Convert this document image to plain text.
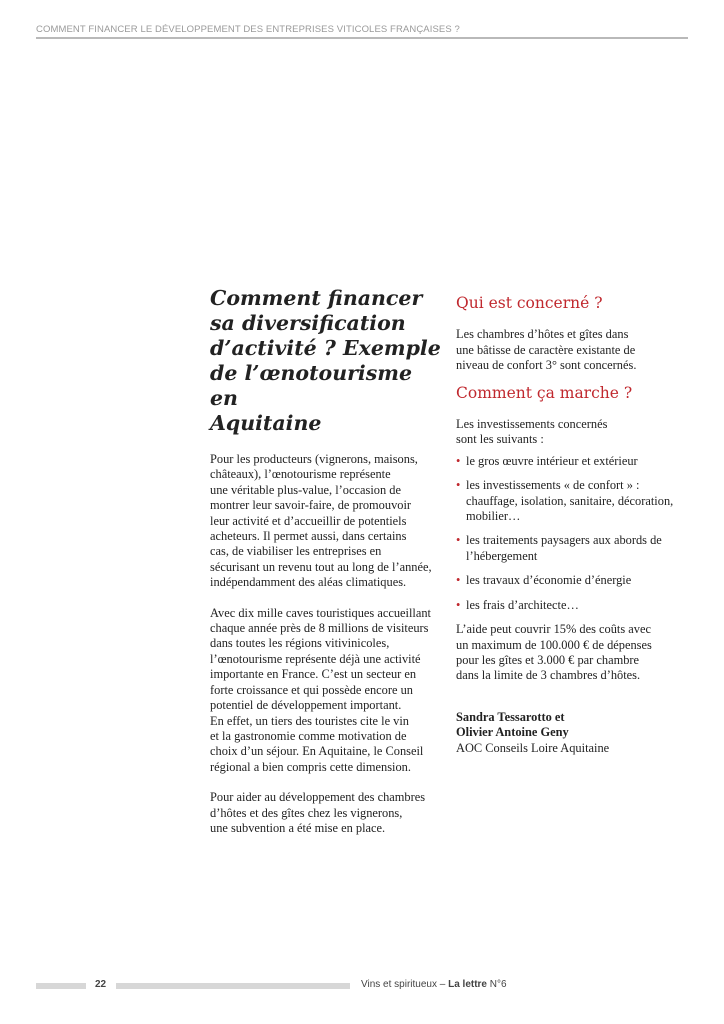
COMMENT FINANCER LE DÉVELOPPEMENT DES ENTREPRISES VITICOLES FRANÇAISES ?
Comment financer
sa diversification
d’activité ? Exemple
de l’œnotourisme en
Aquitaine

Pour les producteurs (vignerons, maisons,
châteaux), l’œnotourisme représente
une véritable plus-value, l’occasion de
montrer leur savoir-faire, de promouvoir
leur activité et d’accueillir de potentiels
acheteurs. Il permet aussi, dans certains
cas, de viabiliser les entreprises en
sécurisant un revenu tout au long de l’année,
indépendamment des aléas climatiques.

Avec dix mille caves touristiques accueillant
chaque année près de 8 millions de visiteurs
dans toutes les régions vitivinicoles,
l’œnotourisme représente déjà une activité
importante en France. C’est un secteur en
forte croissance et qui possède encore un
potentiel de développement important.
En effet, un tiers des touristes cite le vin
et la gastronomie comme motivation de
choix d’un séjour. En Aquitaine, le Conseil
régional a bien compris cette dimension.

Pour aider au développement des chambres
d’hôtes et des gîtes chez les vignerons,
une subvention a été mise en place.

Qui est concerné ?

Les chambres d’hôtes et gîtes dans
une bâtisse de caractère existante de
niveau de confort 3° sont concernés.

Comment ça marche ?

Les investissements concernés
sont les suivants :

• le gros œuvre intérieur et extérieur
• les investissements « de confort » :
chauffage, isolation, sanitaire, décoration,
mobilier…
• les traitements paysagers aux abords de
l’hébergement
• les travaux d’économie d’énergie
• les frais d’architecte…

L’aide peut couvrir 15% des coûts avec
un maximum de 100.000 € de dépenses
pour les gîtes et 3.000 € par chambre
dans la limite de 3 chambres d’hôtes.

Sandra Tessarotto et
Olivier Antoine Geny

AOC Conseils Loire Aquitaine

22	Vins et spiritueux – La lettre N°6
